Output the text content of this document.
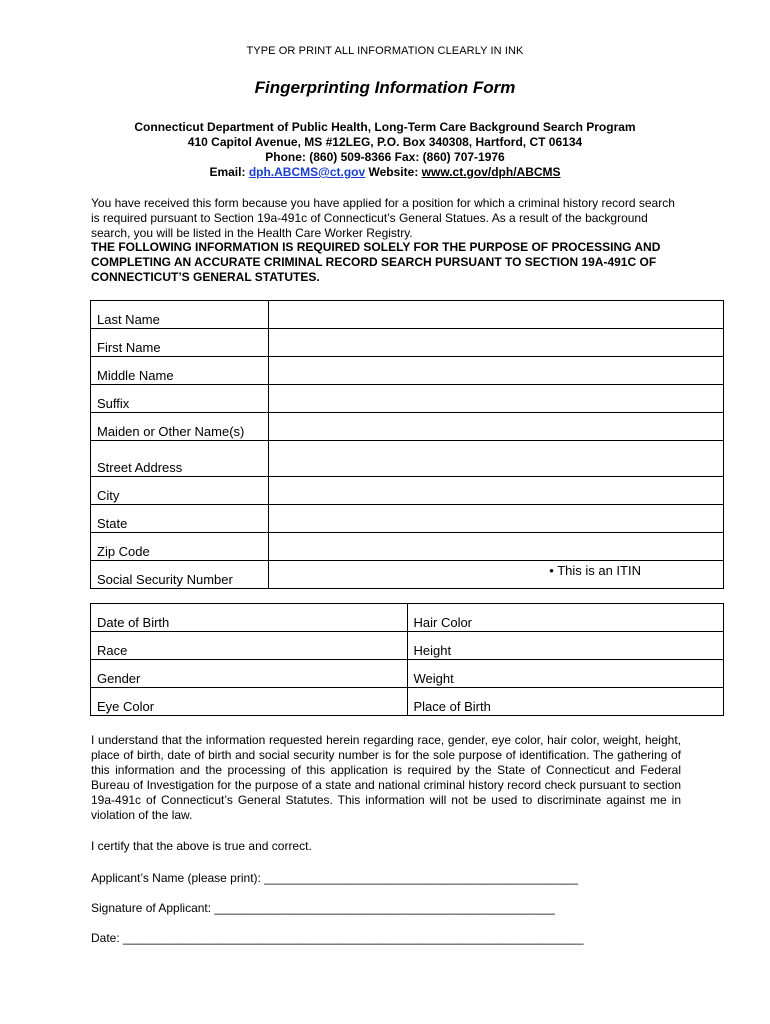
TYPE OR PRINT ALL INFORMATION CLEARLY IN INK
Fingerprinting Information Form
Connecticut Department of Public Health, Long-Term Care Background Search Program
410 Capitol Avenue, MS #12LEG, P.O. Box 340308, Hartford, CT 06134
Phone: (860) 509-8366 Fax: (860) 707-1976
Email: dph.ABCMS@ct.gov Website: www.ct.gov/dph/ABCMS
You have received this form because you have applied for a position for which a criminal history record search is required pursuant to Section 19a-491c of Connecticut’s General Statues. As a result of the background search, you will be listed in the Health Care Worker Registry.
THE FOLLOWING INFORMATION IS REQUIRED SOLELY FOR THE PURPOSE OF PROCESSING AND COMPLETING AN ACCURATE CRIMINAL RECORD SEARCH PURSUANT TO SECTION 19A-491C OF CONNECTICUT’S GENERAL STATUTES.
Last Name	
First Name	
Middle Name	
Suffix	
Maiden or Other Name(s)	
Street Address	
City	
State	
Zip Code	
Social Security Number	• This is an ITIN
Date of Birth	Hair Color
Race	Height
Gender	Weight
Eye Color	Place of Birth
I understand that the information requested herein regarding race, gender, eye color, hair color, weight, height, place of birth, date of birth and social security number is for the sole purpose of identification. The gathering of this information and the processing of this application is required by the State of Connecticut and Federal Bureau of Investigation for the purpose of a state and national criminal history record check pursuant to section 19a-491c of Connecticut’s General Statutes. This information will not be used to discriminate against me in violation of the law.
I certify that the above is true and correct.
Applicant’s Name (please print): _______________________________________________
Signature of Applicant: ___________________________________________________
Date: _____________________________________________________________________
